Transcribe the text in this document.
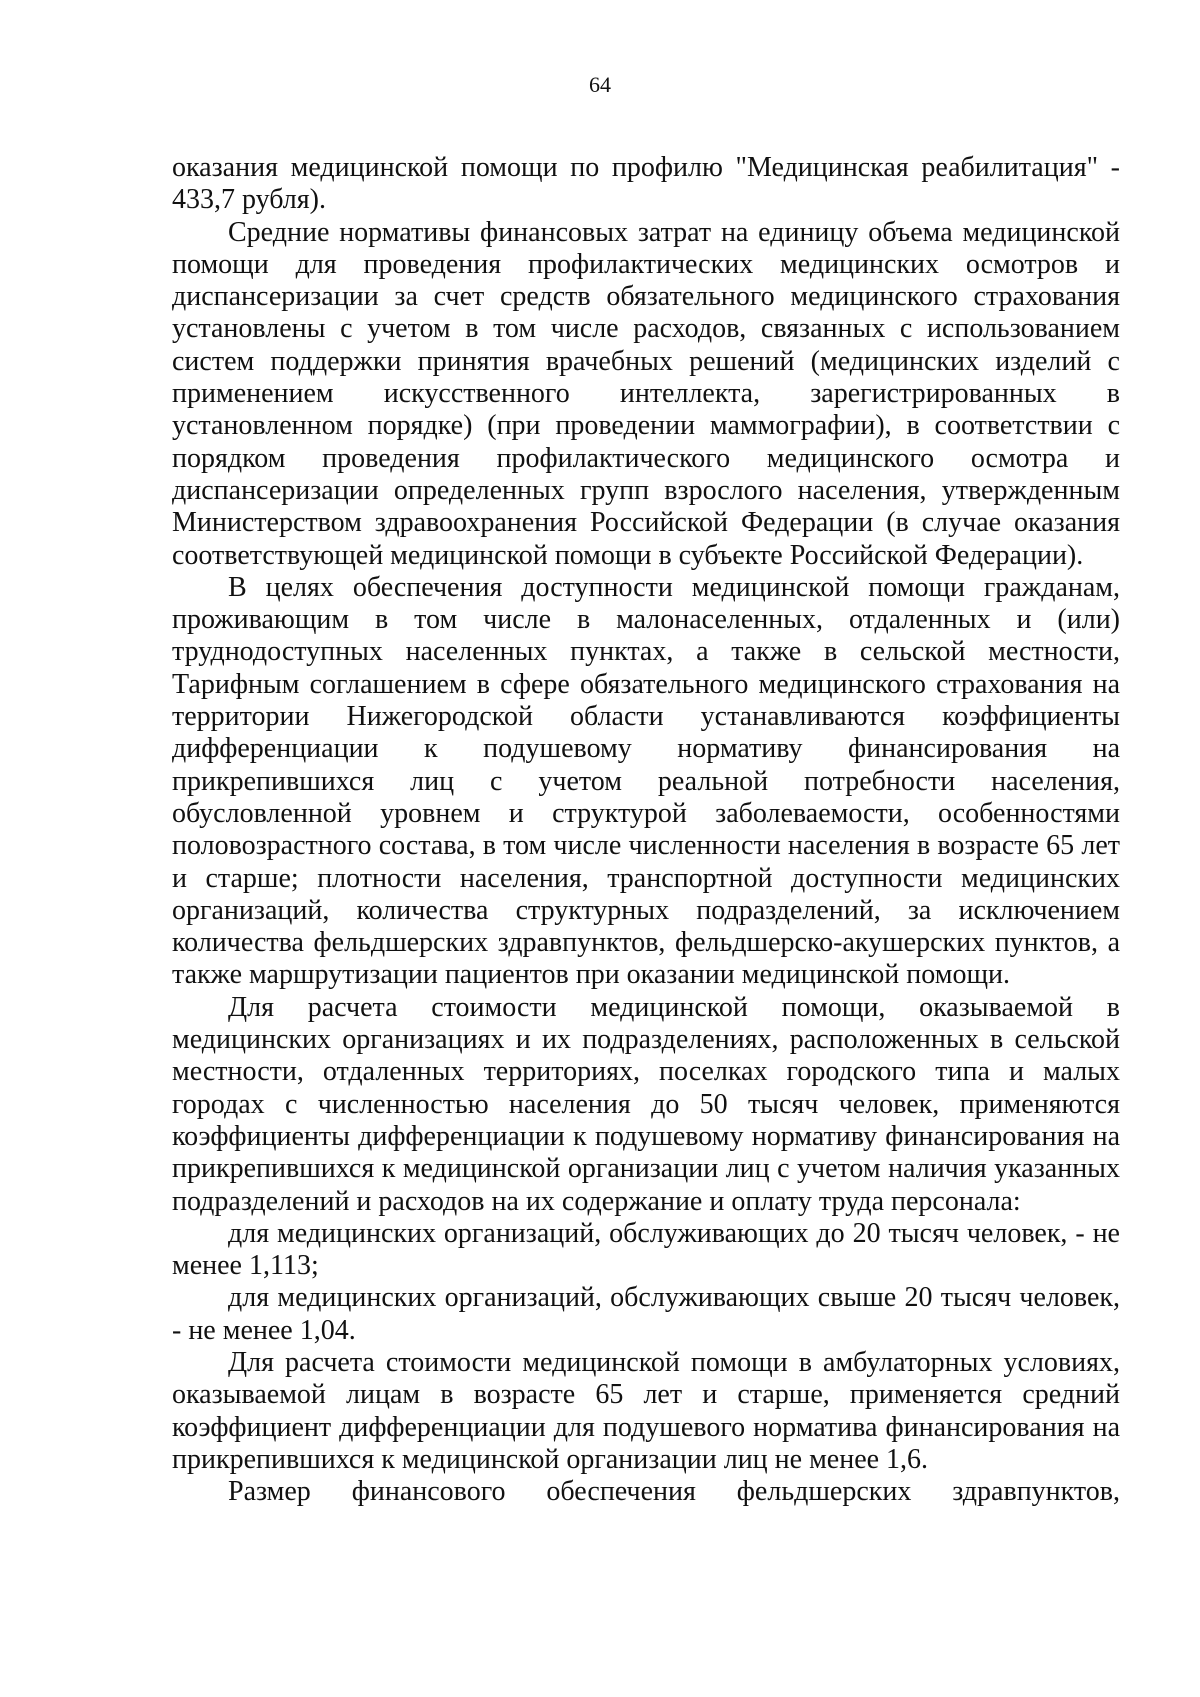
64

оказания медицинской помощи по профилю "Медицинская реабилитация" - 433,7 рубля).

Средние нормативы финансовых затрат на единицу объема медицинской помощи для проведения профилактических медицинских осмотров и диспансеризации за счет средств обязательного медицинского страхования установлены с учетом в том числе расходов, связанных с использованием систем поддержки принятия врачебных решений (медицинских изделий с применением искусственного интеллекта, зарегистрированных в установленном порядке) (при проведении маммографии), в соответствии с порядком проведения профилактического медицинского осмотра и диспансеризации определенных групп взрослого населения, утвержденным Министерством здравоохранения Российской Федерации (в случае оказания соответствующей медицинской помощи в субъекте Российской Федерации).

В целях обеспечения доступности медицинской помощи гражданам, проживающим в том числе в малонаселенных, отдаленных и (или) труднодоступных населенных пунктах, а также в сельской местности, Тарифным соглашением в сфере обязательного медицинского страхования на территории Нижегородской области устанавливаются коэффициенты дифференциации к подушевому нормативу финансирования на прикрепившихся лиц с учетом реальной потребности населения, обусловленной уровнем и структурой заболеваемости, особенностями половозрастного состава, в том числе численности населения в возрасте 65 лет и старше; плотности населения, транспортной доступности медицинских организаций, количества структурных подразделений, за исключением количества фельдшерских здравпунктов, фельдшерско-акушерских пунктов, а также маршрутизации пациентов при оказании медицинской помощи.

Для расчета стоимости медицинской помощи, оказываемой в медицинских организациях и их подразделениях, расположенных в сельской местности, отдаленных территориях, поселках городского типа и малых городах с численностью населения до 50 тысяч человек, применяются коэффициенты дифференциации к подушевому нормативу финансирования на прикрепившихся к медицинской организации лиц с учетом наличия указанных подразделений и расходов на их содержание и оплату труда персонала:

для медицинских организаций, обслуживающих до 20 тысяч человек, - не менее 1,113;

для медицинских организаций, обслуживающих свыше 20 тысяч человек, - не менее 1,04.

Для расчета стоимости медицинской помощи в амбулаторных условиях, оказываемой лицам в возрасте 65 лет и старше, применяется средний коэффициент дифференциации для подушевого норматива финансирования на прикрепившихся к медицинской организации лиц не менее 1,6.

Размер финансового обеспечения фельдшерских здравпунктов,
